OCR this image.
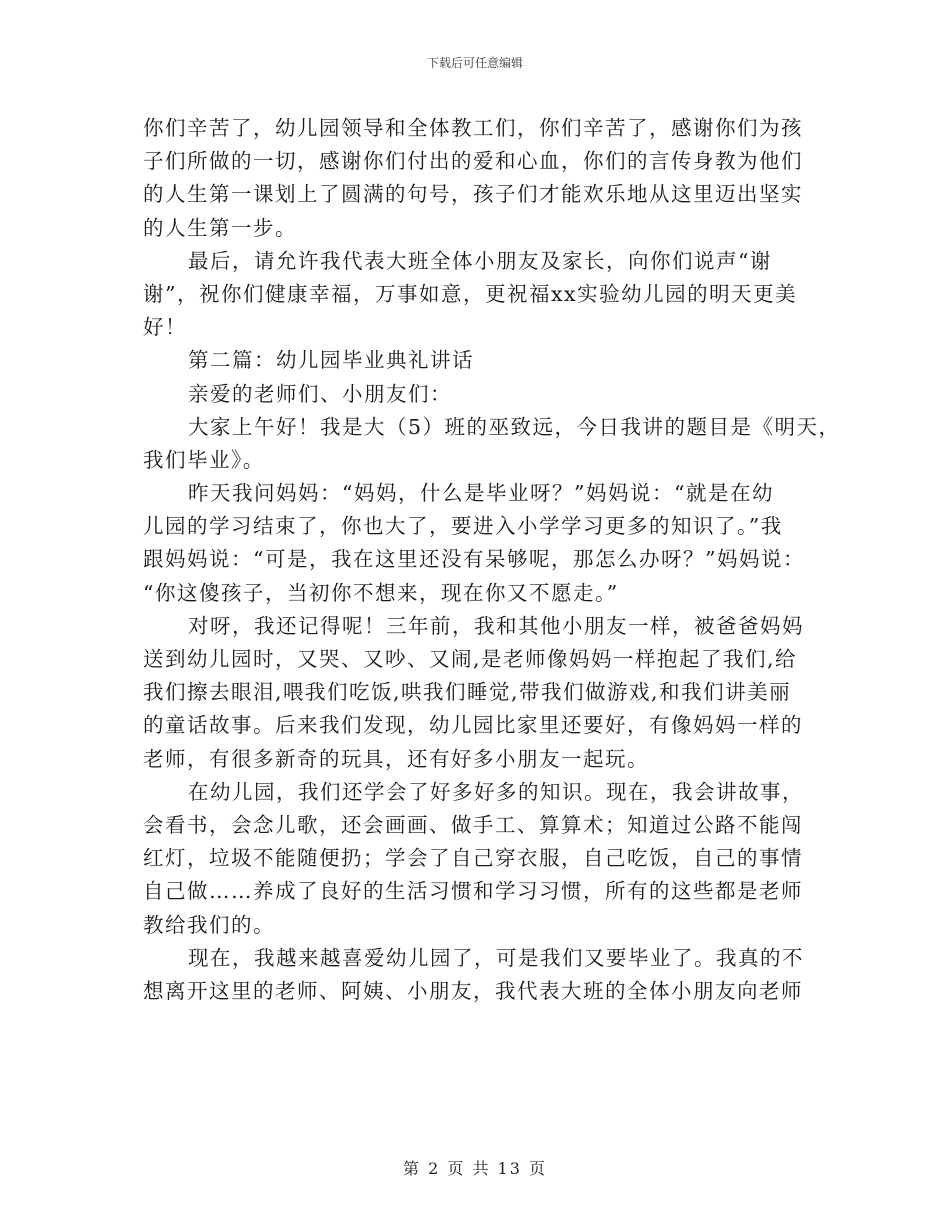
下载后可任意编辑
你们辛苦了，幼儿园领导和全体教工们，你们辛苦了，感谢你们为孩
子们所做的一切，感谢你们付出的爱和心血，你们的言传身教为他们
的人生第一课划上了圆满的句号，孩子们才能欢乐地从这里迈出坚实
的人生第一步。
最后，请允许我代表大班全体小朋友及家长，向你们说声“谢
谢”，祝你们健康幸福，万事如意，更祝福xx实验幼儿园的明天更美
好！
第二篇：幼儿园毕业典礼讲话
亲爱的老师们、小朋友们：
大家上午好！我是大（5）班的巫致远，今日我讲的题目是《明天，
我们毕业》。
昨天我问妈妈：“妈妈，什么是毕业呀？”妈妈说：“就是在幼
儿园的学习结束了，你也大了，要进入小学学习更多的知识了。”我
跟妈妈说：“可是，我在这里还没有呆够呢，那怎么办呀？”妈妈说：
“你这傻孩子，当初你不想来，现在你又不愿走。”
对呀，我还记得呢！三年前，我和其他小朋友一样，被爸爸妈妈
送到幼儿园时，又哭、又吵、又闹,是老师像妈妈一样抱起了我们,给
我们擦去眼泪,喂我们吃饭,哄我们睡觉,带我们做游戏,和我们讲美丽
的童话故事。后来我们发现，幼儿园比家里还要好，有像妈妈一样的
老师，有很多新奇的玩具，还有好多小朋友一起玩。
在幼儿园，我们还学会了好多好多的知识。现在，我会讲故事，
会看书，会念儿歌，还会画画、做手工、算算术；知道过公路不能闯
红灯，垃圾不能随便扔；学会了自己穿衣服，自己吃饭，自己的事情
自己做……养成了良好的生活习惯和学习习惯，所有的这些都是老师
教给我们的。
现在，我越来越喜爱幼儿园了，可是我们又要毕业了。我真的不
想离开这里的老师、阿姨、小朋友，我代表大班的全体小朋友向老师
第 2 页 共 13 页
